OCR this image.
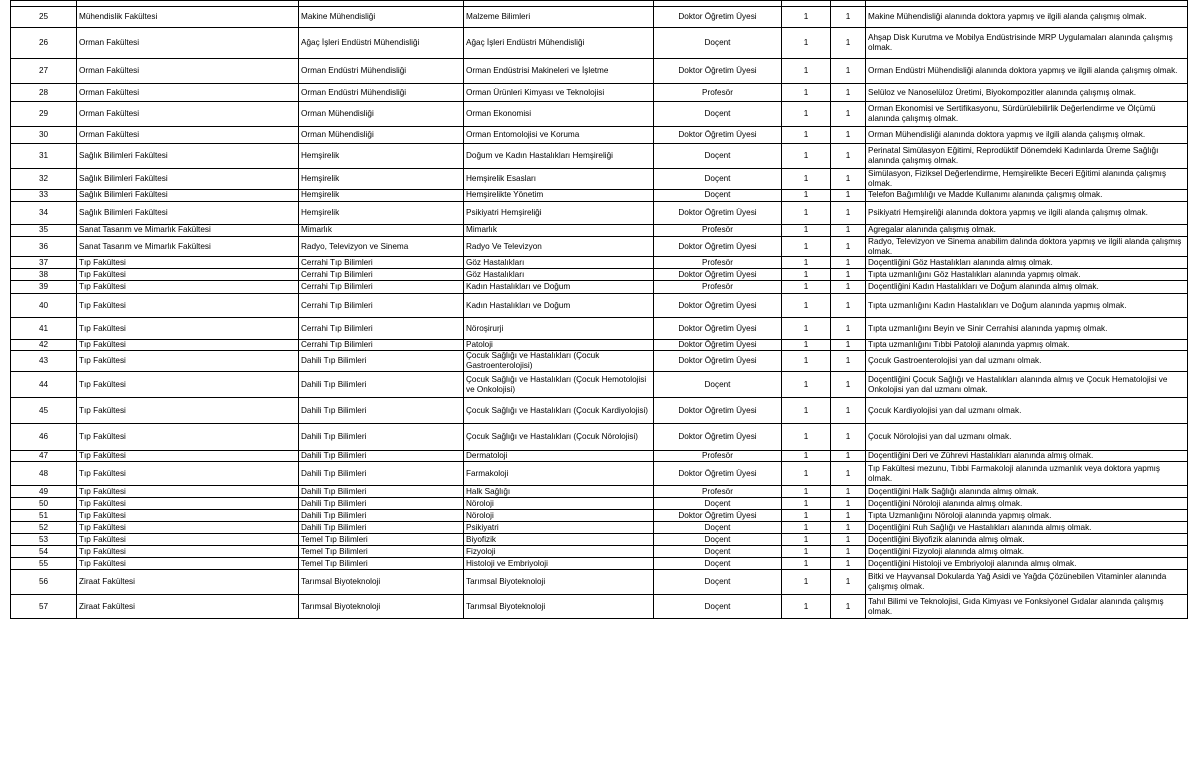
25	Mühendislik Fakültesi	Makine Mühendisliği	Malzeme Bilimleri	Doktor Öğretim Üyesi	1	1	Makine Mühendisliği alanında doktora yapmış ve ilgili alanda çalışmış olmak.
26	Orman Fakültesi	Ağaç İşleri Endüstri Mühendisliği	Ağaç İşleri Endüstri Mühendisliği	Doçent	1	1	Ahşap Disk Kurutma ve Mobilya Endüstrisinde MRP Uygulamaları alanında çalışmış olmak.
27	Orman Fakültesi	Orman Endüstri Mühendisliği	Orman Endüstrisi Makineleri ve İşletme	Doktor Öğretim Üyesi	1	1	Orman Endüstri Mühendisliği alanında doktora yapmış ve ilgili alanda çalışmış olmak.
28	Orman Fakültesi	Orman Endüstri Mühendisliği	Orman Ürünleri Kimyası ve Teknolojisi	Profesör	1	1	Selüloz ve Nanoselüloz Üretimi, Biyokompozitler alanında çalışmış olmak.
29	Orman Fakültesi	Orman Mühendisliği	Orman Ekonomisi	Doçent	1	1	Orman Ekonomisi ve Sertifikasyonu, Sürdürülebilirlik Değerlendirme ve Ölçümü alanında çalışmış olmak.
30	Orman Fakültesi	Orman Mühendisliği	Orman Entomolojisi ve Koruma	Doktor Öğretim Üyesi	1	1	Orman Mühendisliği alanında doktora yapmış ve ilgili alanda çalışmış olmak.
31	Sağlık Bilimleri Fakültesi	Hemşirelik	Doğum ve Kadın Hastalıkları Hemşireliği	Doçent	1	1	Perinatal Simülasyon Eğitimi, Reprodüktif Dönemdeki Kadınlarda Üreme Sağlığı alanında çalışmış olmak.
32	Sağlık Bilimleri Fakültesi	Hemşirelik	Hemşirelik Esasları	Doçent	1	1	Simülasyon, Fiziksel Değerlendirme, Hemşirelikte Beceri Eğitimi alanında çalışmış olmak.
33	Sağlık Bilimleri Fakültesi	Hemşirelik	Hemşirelikte Yönetim	Doçent	1	1	Telefon Bağımlılığı ve Madde Kullanımı alanında çalışmış olmak.
34	Sağlık Bilimleri Fakültesi	Hemşirelik	Psikiyatri Hemşireliği	Doktor Öğretim Üyesi	1	1	Psikiyatri Hemşireliği alanında doktora yapmış ve ilgili alanda çalışmış olmak.
35	Sanat Tasarım ve Mimarlık Fakültesi	Mimarlık	Mimarlık	Profesör	1	1	Agregalar alanında çalışmış olmak.
36	Sanat Tasarım ve Mimarlık Fakültesi	Radyo, Televizyon ve Sinema	Radyo Ve Televizyon	Doktor Öğretim Üyesi	1	1	Radyo, Televizyon ve Sinema anabilim dalında doktora yapmış ve ilgili alanda çalışmış olmak.
37	Tıp Fakültesi	Cerrahi Tıp Bilimleri	Göz Hastalıkları	Profesör	1	1	Doçentliğini Göz Hastalıkları alanında almış olmak.
38	Tıp Fakültesi	Cerrahi Tıp Bilimleri	Göz Hastalıkları	Doktor Öğretim Üyesi	1	1	Tıpta uzmanlığını Göz Hastalıkları alanında yapmış olmak.
39	Tıp Fakültesi	Cerrahi Tıp Bilimleri	Kadın Hastalıkları ve Doğum	Profesör	1	1	Doçentliğini Kadın Hastalıkları ve Doğum alanında almış olmak.
40	Tıp Fakültesi	Cerrahi Tıp Bilimleri	Kadın Hastalıkları ve Doğum	Doktor Öğretim Üyesi	1	1	Tıpta uzmanlığını Kadın Hastalıkları ve Doğum alanında yapmış olmak.
41	Tıp Fakültesi	Cerrahi Tıp Bilimleri	Nöroşirurji	Doktor Öğretim Üyesi	1	1	Tıpta uzmanlığını Beyin ve Sinir Cerrahisi alanında yapmış olmak.
42	Tıp Fakültesi	Cerrahi Tıp Bilimleri	Patoloji	Doktor Öğretim Üyesi	1	1	Tıpta uzmanlığını Tıbbi Patoloji alanında yapmış olmak.
43	Tıp Fakültesi	Dahili Tıp Bilimleri	Çocuk Sağlığı ve Hastalıkları (Çocuk Gastroenterolojisi)	Doktor Öğretim Üyesi	1	1	Çocuk Gastroenterolojisi yan dal uzmanı olmak.
44	Tıp Fakültesi	Dahili Tıp Bilimleri	Çocuk Sağlığı ve Hastalıkları (Çocuk Hemotolojisi ve Onkolojisi)	Doçent	1	1	Doçentliğini Çocuk Sağlığı ve Hastalıkları alanında almış ve Çocuk Hematolojisi ve Onkolojisi yan dal uzmanı olmak.
45	Tıp Fakültesi	Dahili Tıp Bilimleri	Çocuk Sağlığı ve Hastalıkları (Çocuk Kardiyolojisi)	Doktor Öğretim Üyesi	1	1	Çocuk Kardiyolojisi yan dal uzmanı olmak.
46	Tıp Fakültesi	Dahili Tıp Bilimleri	Çocuk Sağlığı ve Hastalıkları (Çocuk Nörolojisi)	Doktor Öğretim Üyesi	1	1	Çocuk Nörolojisi yan dal uzmanı olmak.
47	Tıp Fakültesi	Dahili Tıp Bilimleri	Dermatoloji	Profesör	1	1	Doçentliğini Deri ve Zührevi Hastalıkları alanında almış olmak.
48	Tıp Fakültesi	Dahili Tıp Bilimleri	Farmakoloji	Doktor Öğretim Üyesi	1	1	Tıp Fakültesi mezunu, Tıbbi Farmakoloji alanında uzmanlık veya doktora yapmış olmak.
49	Tıp Fakültesi	Dahili Tıp Bilimleri	Halk Sağlığı	Profesör	1	1	Doçentliğini Halk Sağlığı alanında almış olmak.
50	Tıp Fakültesi	Dahili Tıp Bilimleri	Nöroloji	Doçent	1	1	Doçentliğini Nöroloji alanında almış olmak.
51	Tıp Fakültesi	Dahili Tıp Bilimleri	Nöroloji	Doktor Öğretim Üyesi	1	1	Tıpta Uzmanlığını Nöroloji alanında yapmış olmak.
52	Tıp Fakültesi	Dahili Tıp Bilimleri	Psikiyatri	Doçent	1	1	Doçentliğini Ruh Sağlığı ve Hastalıkları alanında almış olmak.
53	Tıp Fakültesi	Temel Tıp Bilimleri	Biyofizik	Doçent	1	1	Doçentliğini Biyofizik alanında almış olmak.
54	Tıp Fakültesi	Temel Tıp Bilimleri	Fizyoloji	Doçent	1	1	Doçentliğini Fizyoloji alanında almış olmak.
55	Tıp Fakültesi	Temel Tıp Bilimleri	Histoloji ve Embriyoloji	Doçent	1	1	Doçentliğini Histoloji ve Embriyoloji alanında almış olmak.
56	Ziraat Fakültesi	Tarımsal Biyoteknoloji	Tarımsal Biyoteknoloji	Doçent	1	1	Bitki ve Hayvansal Dokularda Yağ Asidi ve Yağda Çözünebilen Vitaminler alanında çalışmış olmak.
57	Ziraat Fakültesi	Tarımsal Biyoteknoloji	Tarımsal Biyoteknoloji	Doçent	1	1	Tahıl Bilimi ve Teknolojisi, Gıda Kimyası ve Fonksiyonel Gıdalar alanında çalışmış olmak.
